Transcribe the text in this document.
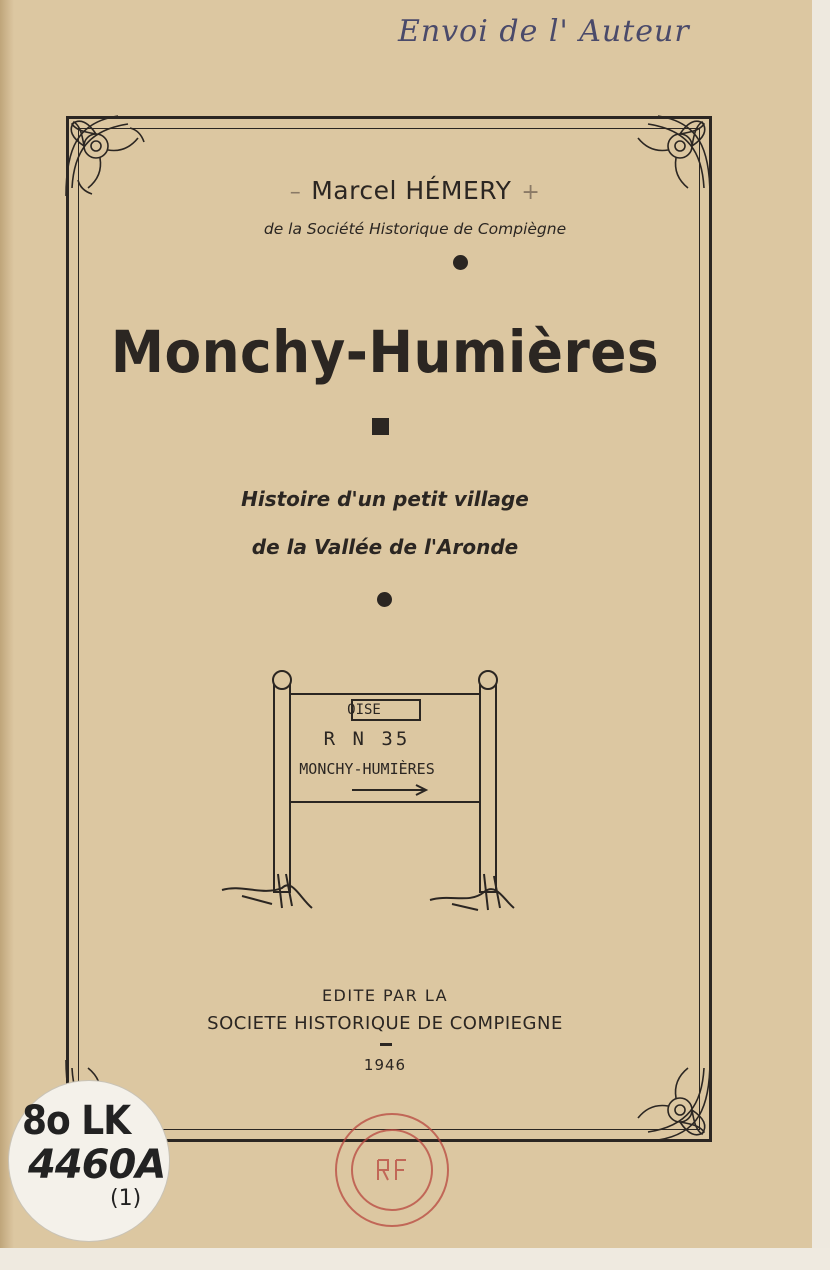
Envoi de l' Auteur
– Marcel HÉMERY +
de la Société Historique de Compiègne
Monchy-Humières
Histoire d'un petit village
de la Vallée de l'Aronde
OISE
R N 35
MONCHY-HUMIÈRES
EDITE PAR LA
SOCIETE HISTORIQUE DE COMPIEGNE
1946
8o LK
4460A
(1)
